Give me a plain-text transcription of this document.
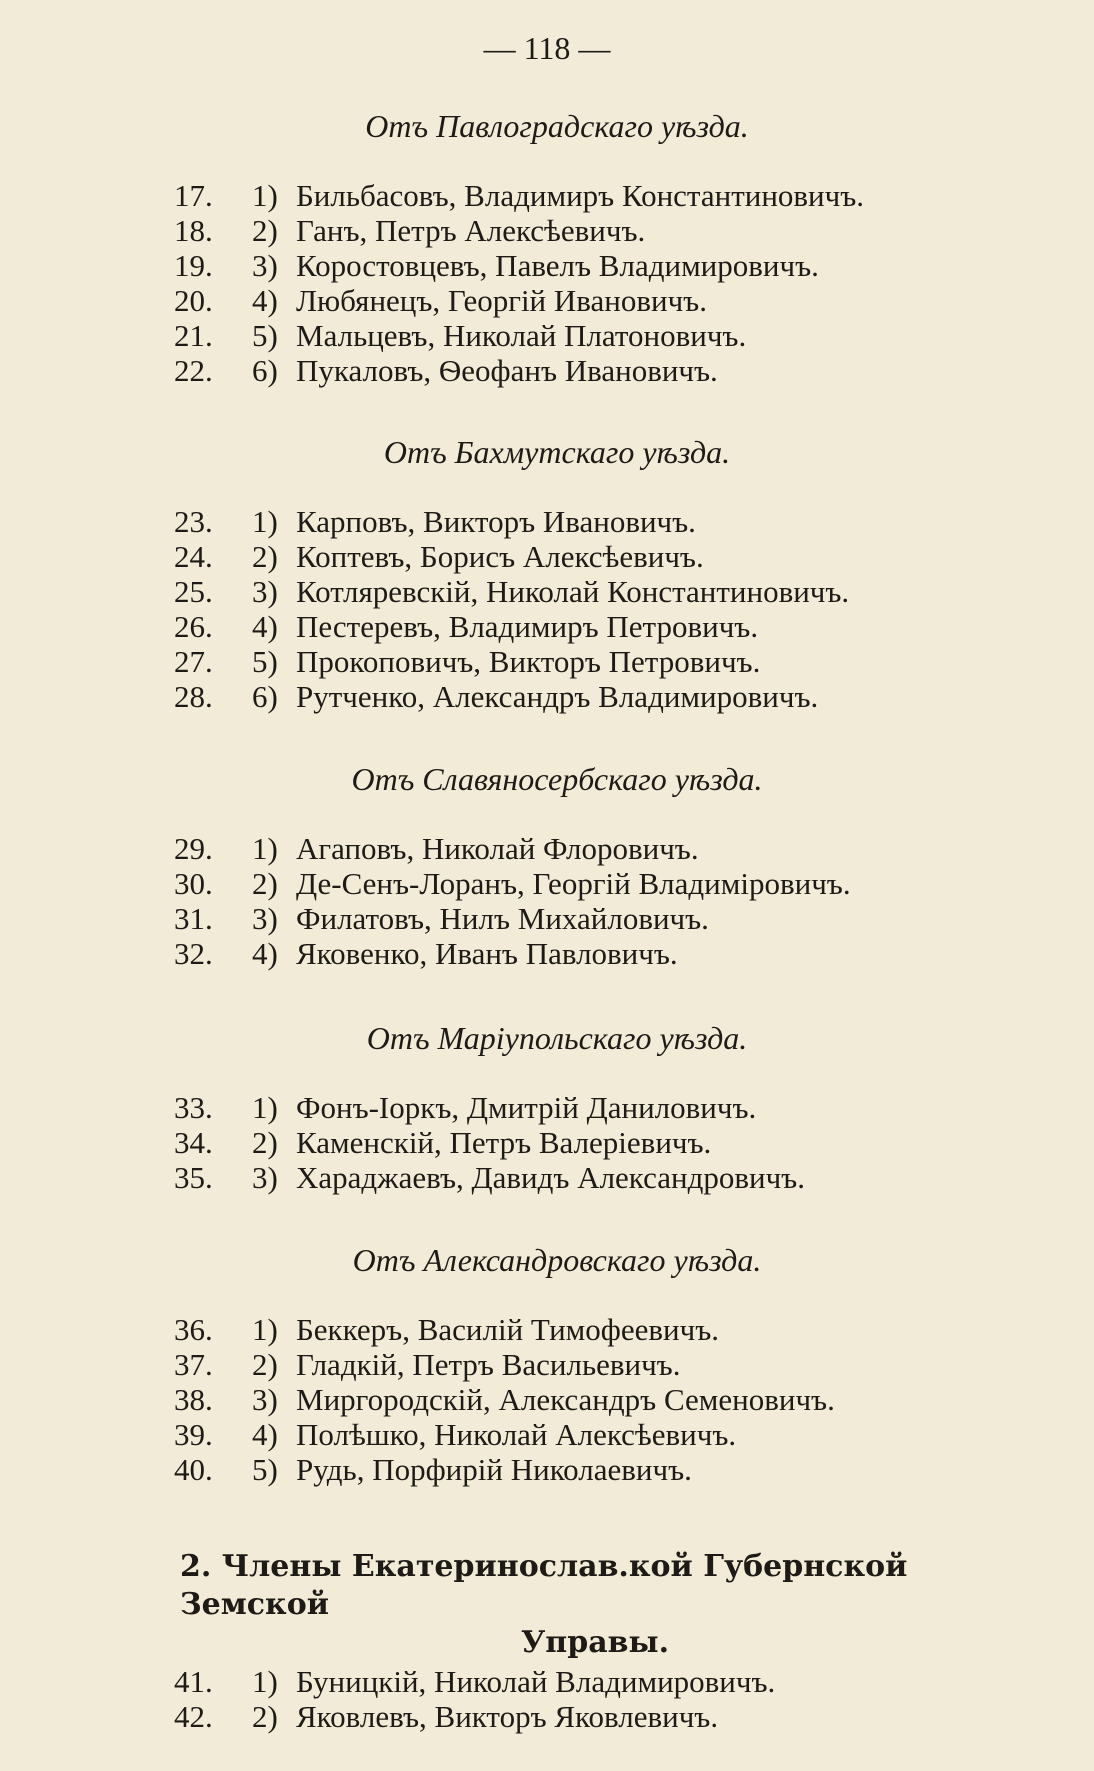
— 118 —
Отъ Павлоградскаго уѣзда.
17.	1) Бильбасовъ, Владимиръ Константиновичъ.
18.	2) Ганъ, Петръ Алексѣевичъ.
19.	3) Коростовцевъ, Павелъ Владимировичъ.
20.	4) Любянецъ, Георгій Ивановичъ.
21.	5) Мальцевъ, Николай Платоновичъ.
22.	6) Пукаловъ, Ѳеофанъ Ивановичъ.
Отъ Бахмутскаго уѣзда.
23.	1) Карповъ, Викторъ Ивановичъ.
24.	2) Коптевъ, Борисъ Алексѣевичъ.
25.	3) Котляревскій, Николай Константиновичъ.
26.	4) Пестеревъ, Владимиръ Петровичъ.
27.	5) Прокоповичъ, Викторъ Петровичъ.
28.	6) Рутченко, Александръ Владимировичъ.
Отъ Славяносербскаго уѣзда.
29.	1) Агаповъ, Николай Флоровичъ.
30.	2) Де-Сенъ-Лоранъ, Георгій Владиміровичъ.
31.	3) Филатовъ, Нилъ Михайловичъ.
32.	4) Яковенко, Иванъ Павловичъ.
Отъ Маріупольскаго уѣзда.
33.	1) Фонъ-Іоркъ, Дмитрій Даниловичъ.
34.	2) Каменскій, Петръ Валеріевичъ.
35.	3) Хараджаевъ, Давидъ Александровичъ.
Отъ Александровскаго уѣзда.
36.	1) Беккеръ, Василій Тимофеевичъ.
37.	2) Гладкій, Петръ Васильевичъ.
38.	3) Миргородскій, Александръ Семеновичъ.
39.	4) Полѣшко, Николай Алексѣевичъ.
40.	5) Рудь, Порфирій Николаевичъ.
2. Члены Екатеринослав.кой Губернской Земской
Управы.
41.	1) Буницкій, Николай Владимировичъ.
42.	2) Яковлевъ, Викторъ Яковлевичъ.
